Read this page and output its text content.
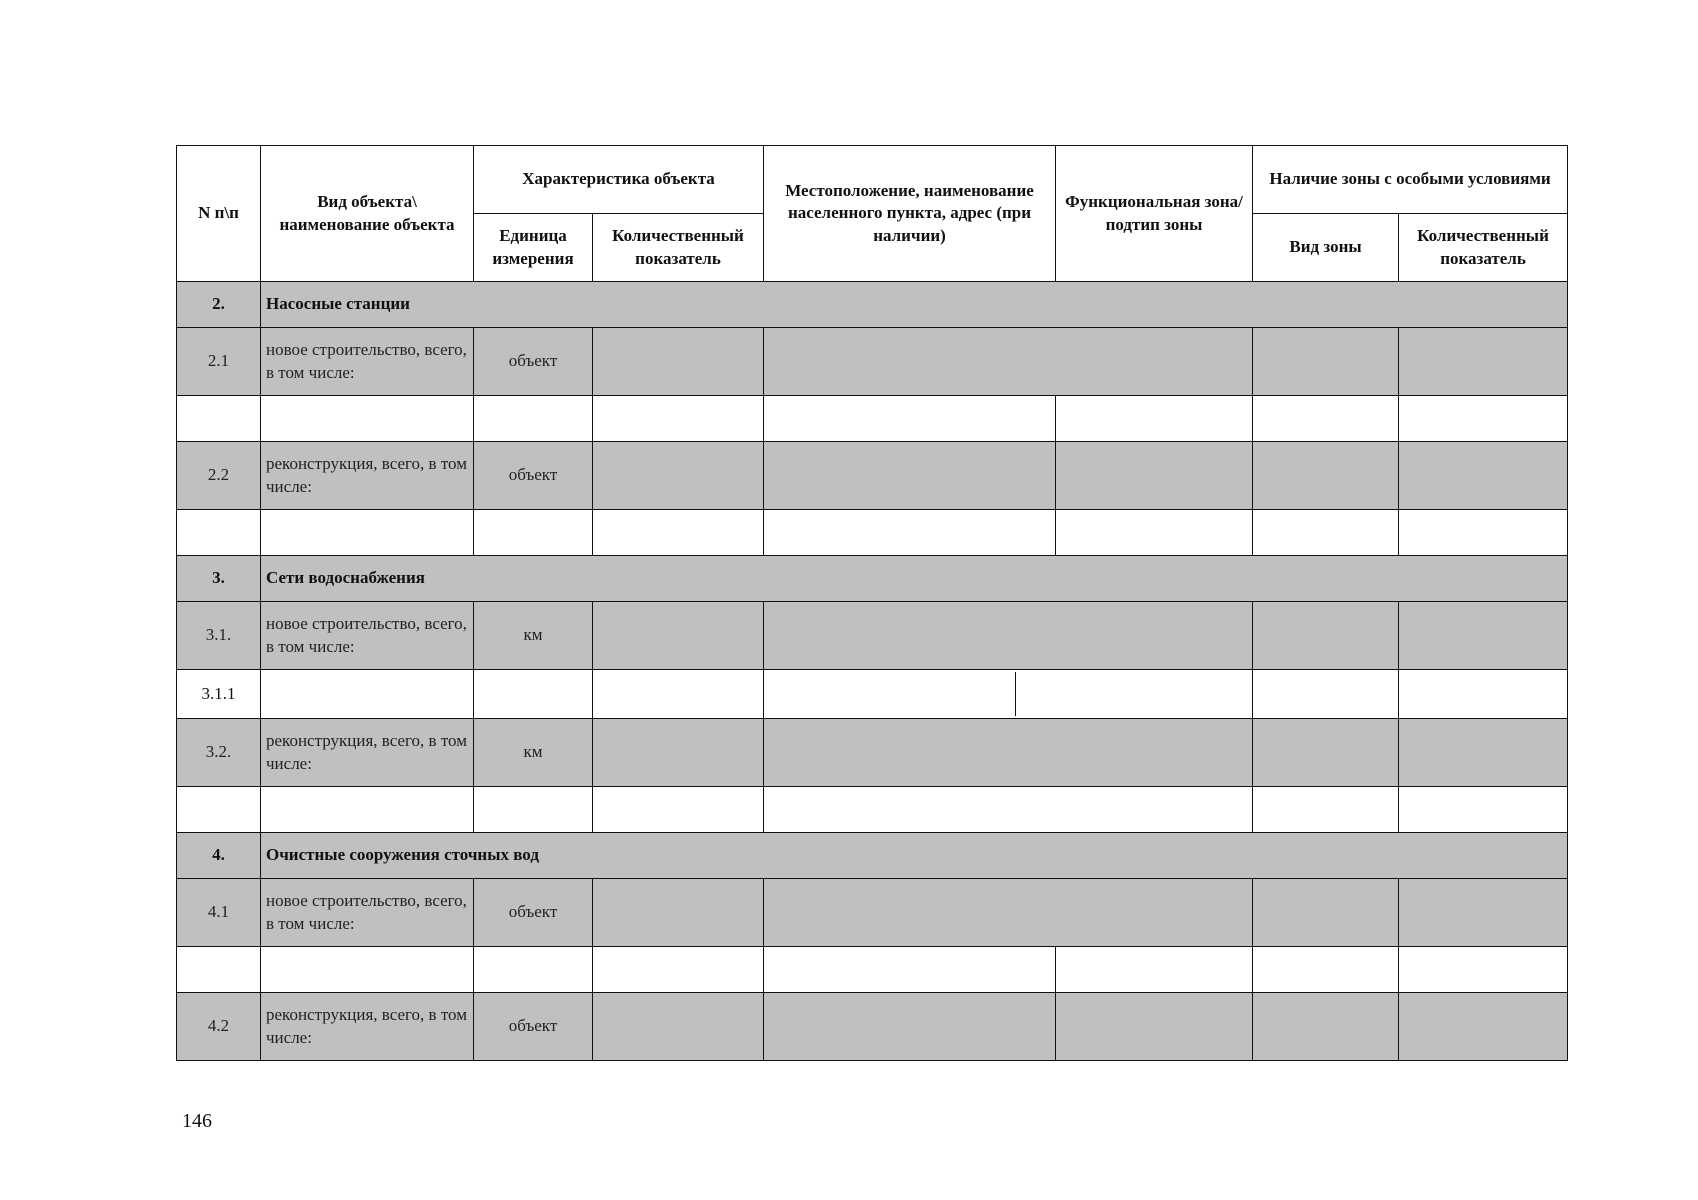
N п\п	Вид объекта\ наименование объекта	Характеристика объекта		Местоположение, наименование населенного пункта, адрес (при наличии)	Функциональная зона/ подтип зоны	Наличие зоны с особыми условиями	
		Единица измерения	Количественный показатель			Вид зоны	Количественный показатель
2.	Насосные станции						
2.1	новое строительство, всего, в том числе:	объект					

2.2	реконструкция, всего, в том числе:	объект					

3.	Сети водоснабжения						
3.1.	новое строительство, всего, в том числе:	км					
3.1.1					

3.2.	реконструкция, всего, в том числе:	км					

4.	Очистные сооружения сточных вод						
4.1	новое строительство, всего, в том числе:	объект					

4.2	реконструкция, всего, в том числе:	объект					
146
